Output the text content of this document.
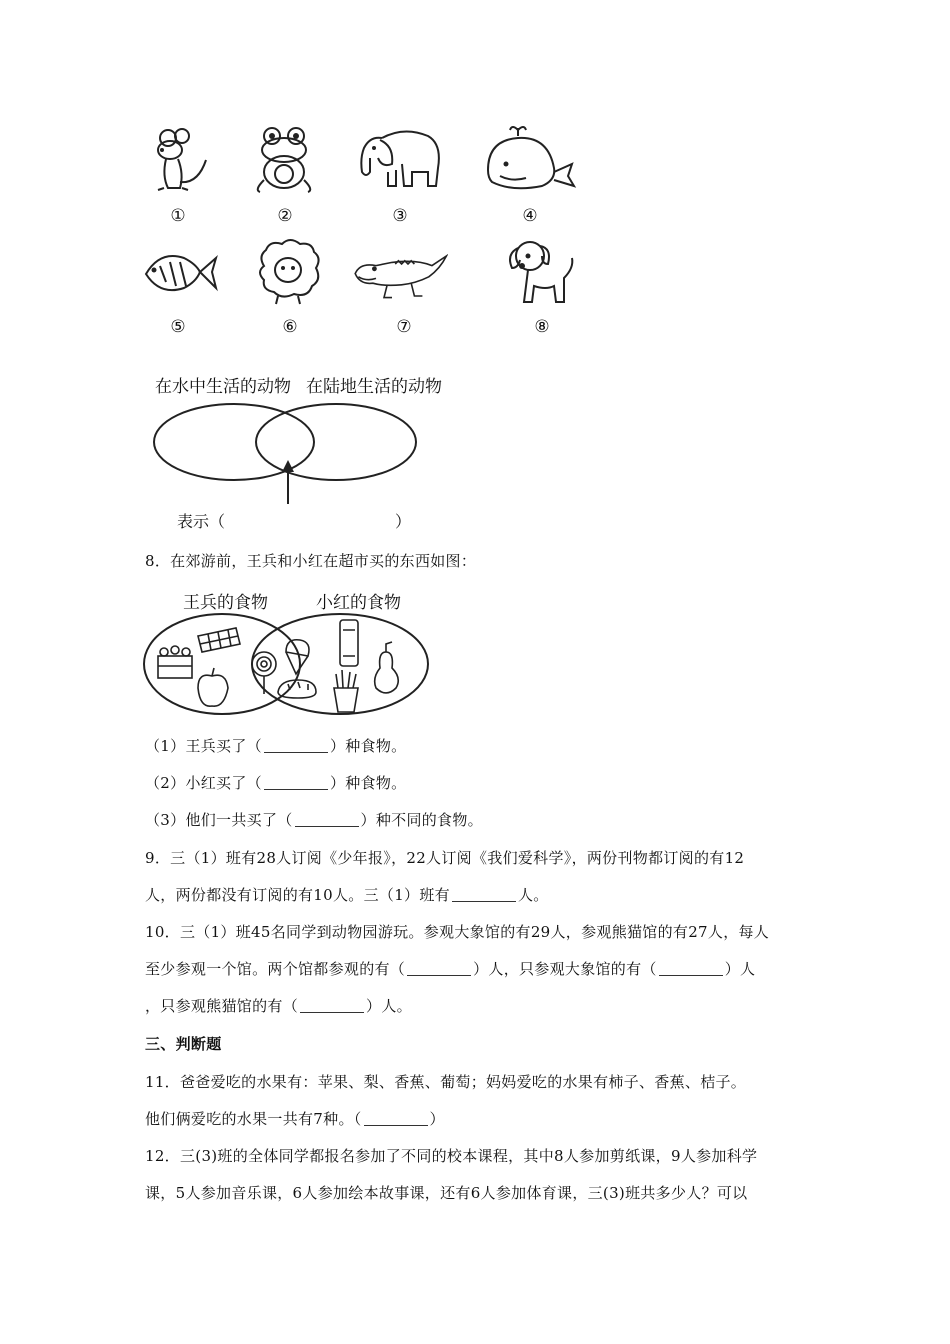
①	②	③	④
⑤	⑥	⑦	⑧
在水中生活的动物 在陆地生活的动物
表示（	）
8．在郊游前，王兵和小红在超市买的东西如图：
王兵的食物	小红的食物
（1）王兵买了（	）种食物。
（2）小红买了（	）种食物。
（3）他们一共买了（	）种不同的食物。
9．三（1）班有28人订阅《少年报》，22人订阅《我们爱科学》，两份刊物都订阅的有12
人，两份都没有订阅的有10人。三（1）班有	人。
10．三（1）班45名同学到动物园游玩。参观大象馆的有29人，参观熊猫馆的有27人，每人
至少参观一个馆。两个馆都参观的有（	）人，只参观大象馆的有（	）人
，只参观熊猫馆的有（	）人。
三、判断题
11．爸爸爱吃的水果有：苹果、梨、香蕉、葡萄；妈妈爱吃的水果有柿子、香蕉、桔子。
他们俩爱吃的水果一共有7种。（	）
12．三(3)班的全体同学都报名参加了不同的校本课程，其中8人参加剪纸课，9人参加科学
课，5人参加音乐课，6人参加绘本故事课，还有6人参加体育课，三(3)班共多少人？可以
